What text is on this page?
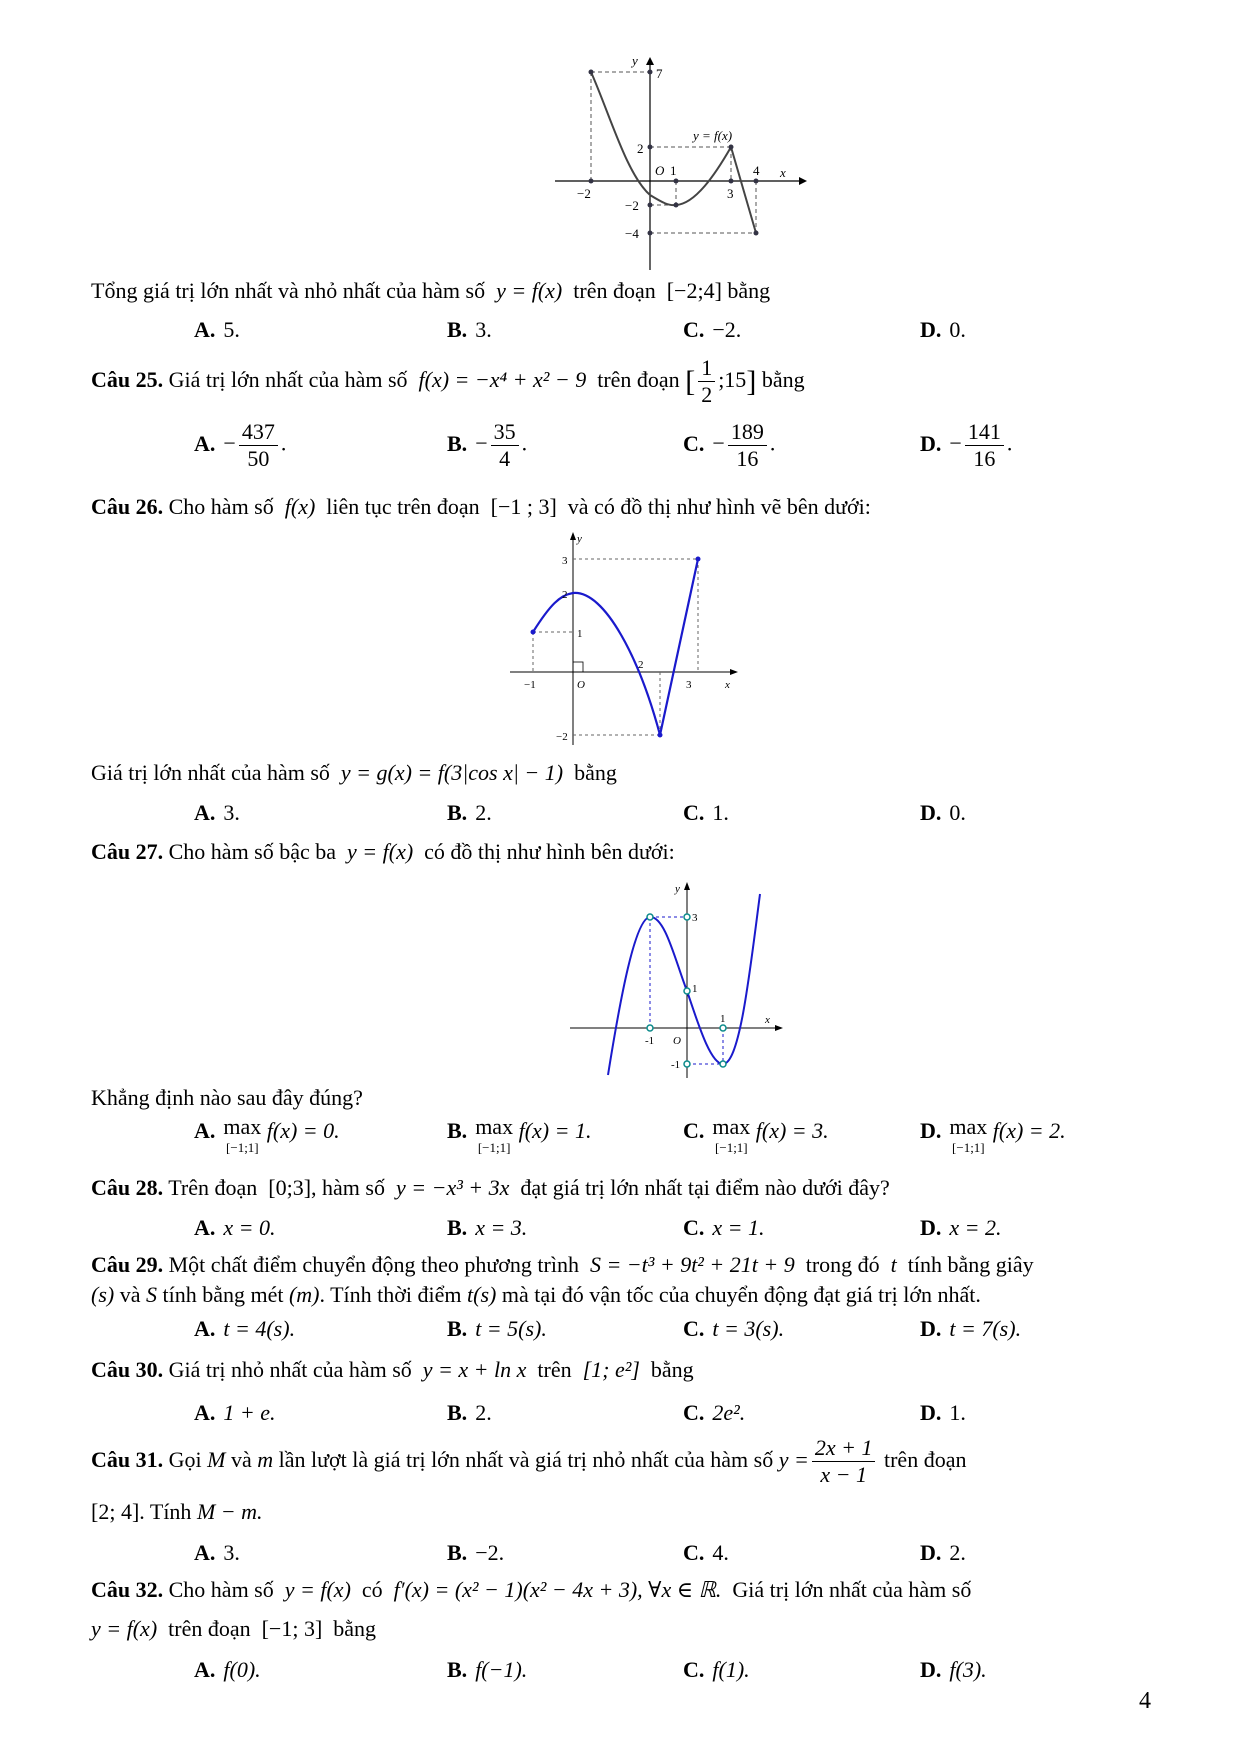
y
x
y = f(x)
7
2
O 1	4
−2	3
−2
−4
Tổng giá trị lớn nhất và nhỏ nhất của hàm số y = f(x) trên đoạn [−2;4] bằng
A. 5.	B. 3.	C. −2.	D. 0.
Câu 25. Giá trị lớn nhất của hàm số f(x) = −x⁴ + x² − 9 trên đoạn [ $\frac{1}{2}$ ;15] bằng
A. − $\frac{437}{50}$ .	B. − $\frac{35}{4}$ .	C. − $\frac{189}{16}$ .	D. − $\frac{141}{16}$ .
Câu 26. Cho hàm số f(x) liên tục trên đoạn [−1 ; 3] và có đồ thị như hình vẽ bên dưới:
y
x
3
2
1
−1	O
2
3
−2
Giá trị lớn nhất của hàm số y = g(x) = f(3|cos x| − 1) bằng
A. 3.	B. 2.	C. 1.	D. 0.
Câu 27. Cho hàm số bậc ba y = f(x) có đồ thị như hình bên dưới:
y
x
3
1
1
-1 O
-1
Khẳng định nào sau đây đúng?
A. max
[−1;1] f(x) = 0.	B. max
[−1;1] f(x) = 1.	C. max
[−1;1] f(x) = 3.	D. max
[−1;1] f(x) = 2.
Câu 28. Trên đoạn [0;3], hàm số y = −x³ + 3x đạt giá trị lớn nhất tại điểm nào dưới đây?
A. x = 0.	B. x = 3.	C. x = 1.	D. x = 2.
Câu 29. Một chất điểm chuyển động theo phương trình S = −t³ + 9t² + 21t + 9 trong đó t tính bằng giây
(s) và S tính bằng mét (m). Tính thời điểm t(s) mà tại đó vận tốc của chuyển động đạt giá trị lớn nhất.
A. t = 4(s).	B. t = 5(s).	C. t = 3(s).	D. t = 7(s).
Câu 30. Giá trị nhỏ nhất của hàm số y = x + ln x trên [1; e²] bằng
A. 1 + e.	B. 2.	C. 2e².	D. 1.
Câu 31. Gọi M và m lần lượt là giá trị lớn nhất và giá trị nhỏ nhất của hàm số $y = \frac{2x + 1}{x - 1}$ trên đoạn
[2; 4]. Tính M − m.
A. 3.	B. −2.	C. 4.	D. 2.
Câu 32. Cho hàm số y = f(x) có f′(x) = (x² − 1)(x² − 4x + 3), ∀x ∈ ℝ. Giá trị lớn nhất của hàm số
y = f(x) trên đoạn [−1; 3] bằng
A. f(0).	B. f(−1).	C. f(1).	D. f(3).
4
